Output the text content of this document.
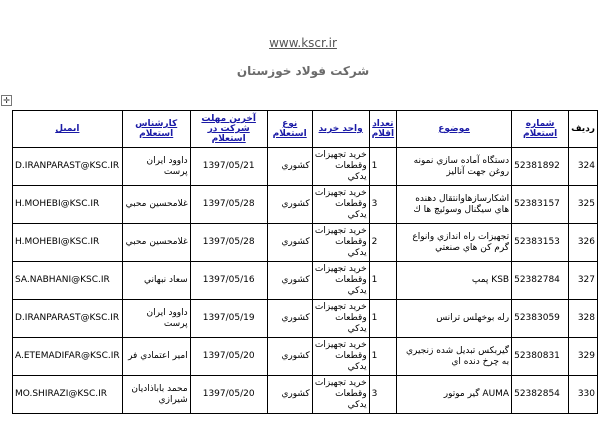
www.kscr.ir
شرکت فولاد خوزستان
✛
رديف	شماره استعلام	موضوع	تعداد اقلام	واحد خريد	نوع استعلام	آخرين مهلت شركت در استعلام	كارشناس استعلام	ايميل
324	52381892	دستگاه آماده سازي نمونه روغن جهت آناليز	1	خريد تجهيزات وقطعات يدكي	كشوري	1397/05/21	داوود ايران پرست	D.IRANPARAST@KSC.IR
325	52383157	اشكارسازهاوانتقال دهنده هاي سيگنال وسوئيچ ها ك	3	خريد تجهيزات وقطعات يدكي	كشوري	1397/05/28	غلامحسين محبي	H.MOHEBI@KSC.IR
326	52383153	تجهيزات راه اندازي وانواع گرم كن هاي صنعتي	2	خريد تجهيزات وقطعات يدكي	كشوري	1397/05/28	غلامحسين محبي	H.MOHEBI@KSC.IR
327	52382784	KSB پمپ	1	خريد تجهيزات وقطعات يدكي	كشوري	1397/05/16	سعاد نبهاني	SA.NABHANI@KSC.IR
328	52383059	رله بوخهلس ترانس	1	خريد تجهيزات وقطعات يدكي	كشوري	1397/05/19	داوود ايران پرست	D.IRANPARAST@KSC.IR
329	52380831	گيربكس تبديل شده زنجيري به چرخ دنده اي	1	خريد تجهيزات وقطعات يدكي	كشوري	1397/05/20	امير اعتمادي فر	A.ETEMADIFAR@KSC.IR
330	52382854	AUMA گير موتور	3	خريد تجهيزات وقطعات يدكي	كشوري	1397/05/20	محمد باباذاديان شيرازي	MO.SHIRAZI@KSC.IR
